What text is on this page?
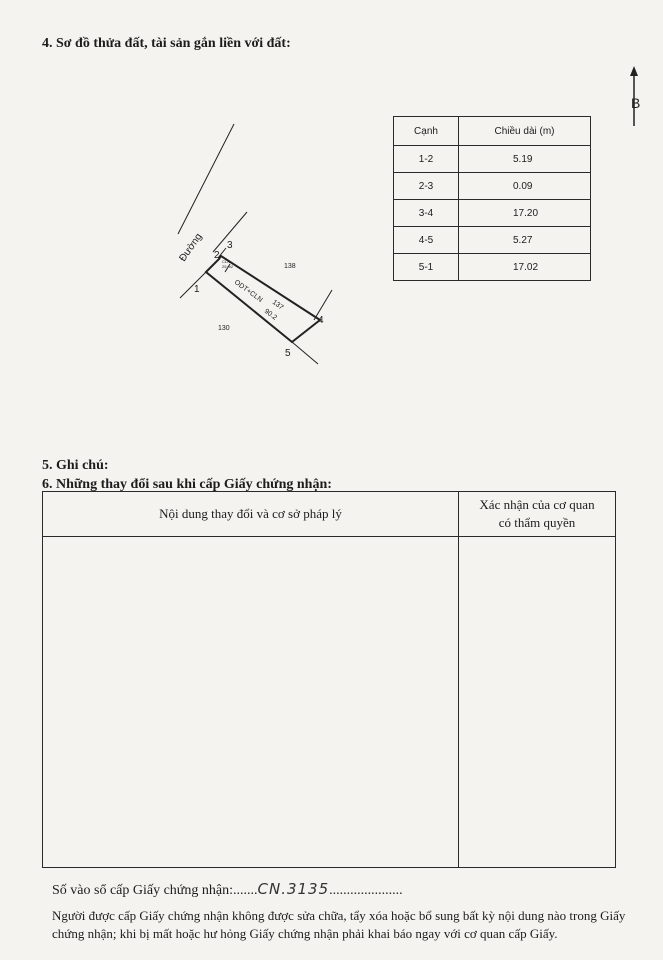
4. Sơ đồ thửa đất, tài sản gắn liền với đất:
B
Cạnh	Chiều dài (m)
1-2	5.19
2-3	0.09
3-4	17.20
4-5	5.27
5-1	17.02
Đường
138
130
ODT+CLN
137
90.2
CLN
25 m2
1
2
3
4
5
5. Ghi chú:
6. Những thay đổi sau khi cấp Giấy chứng nhận:
Nội dung thay đổi và cơ sở pháp lý	Xác nhận của cơ quan
có thẩm quyền

Số vào sổ cấp Giấy chứng nhận:.......CN.3135.....................
Người được cấp Giấy chứng nhận không được sửa chữa, tẩy xóa hoặc bổ sung bất kỳ nội dung nào trong Giấy chứng nhận; khi bị mất hoặc hư hỏng Giấy chứng nhận phải khai báo ngay với cơ quan cấp Giấy.
